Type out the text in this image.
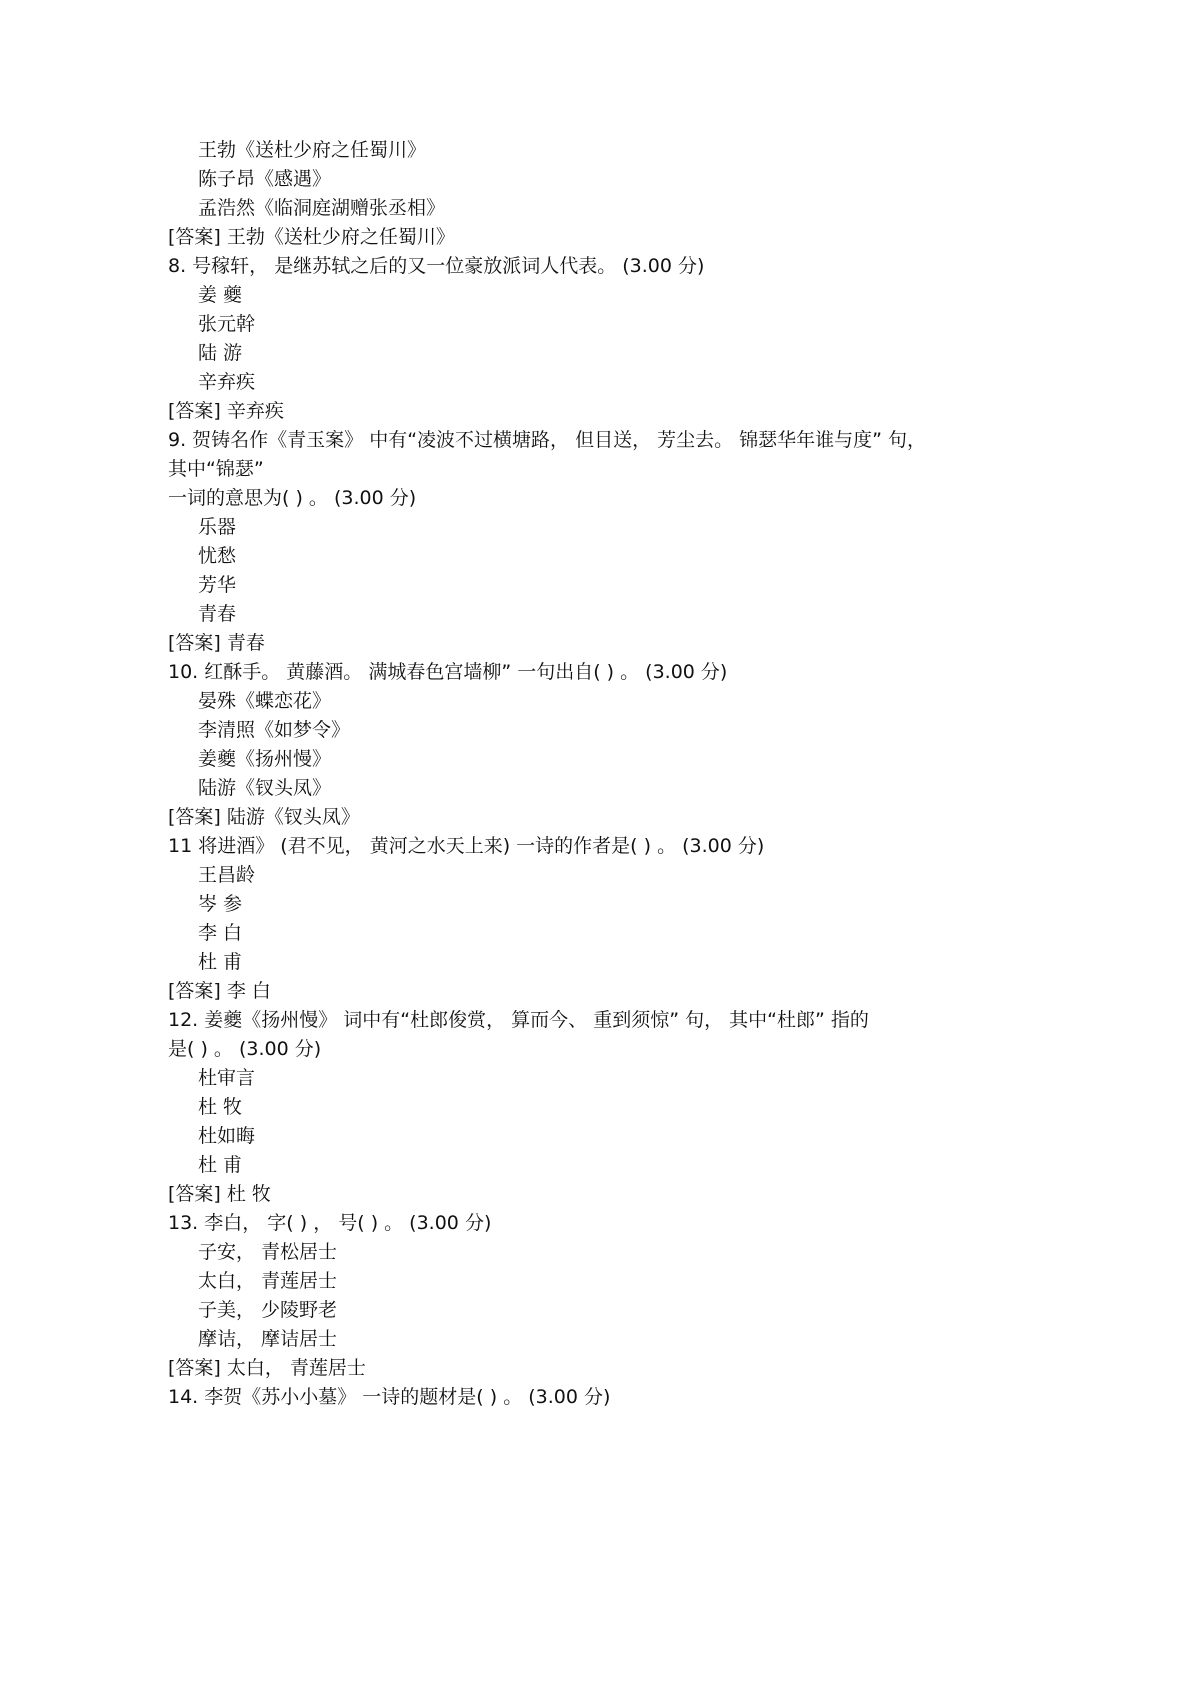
王勃《送杜少府之任蜀川》
陈子昂《感遇》
孟浩然《临洞庭湖赠张丞相》
[答案] 王勃《送杜少府之任蜀川》
8. 号稼轩， 是继苏轼之后的又一位豪放派词人代表。 (3.00 分)
姜 夔
张元幹
陆 游
辛弃疾
[答案] 辛弃疾
9. 贺铸名作《青玉案》 中有“凌波不过横塘路， 但目送， 芳尘去。 锦瑟华年谁与度” 句，
其中“锦瑟”
一词的意思为( ) 。 (3.00 分)
乐器
忧愁
芳华
青春
[答案] 青春
10. 红酥手。 黄藤酒。 满城春色宫墙柳” 一句出自( ) 。 (3.00 分)
晏殊《蝶恋花》
李清照《如梦令》
姜夔《扬州慢》
陆游《钗头凤》
[答案] 陆游《钗头凤》
11 将进酒》 (君不见， 黄河之水天上来) 一诗的作者是( ) 。 (3.00 分)
王昌龄
岑 参
李 白
杜 甫
[答案] 李 白
12. 姜夔《扬州慢》 词中有“杜郎俊赏， 算而今、 重到须惊” 句， 其中“杜郎” 指的
是( ) 。 (3.00 分)
杜审言
杜 牧
杜如晦
杜 甫
[答案] 杜 牧
13. 李白， 字( ) ， 号( ) 。 (3.00 分)
子安， 青松居士
太白， 青莲居士
子美， 少陵野老
摩诘， 摩诘居士
[答案] 太白， 青莲居士
14. 李贺《苏小小墓》 一诗的题材是( ) 。 (3.00 分)
